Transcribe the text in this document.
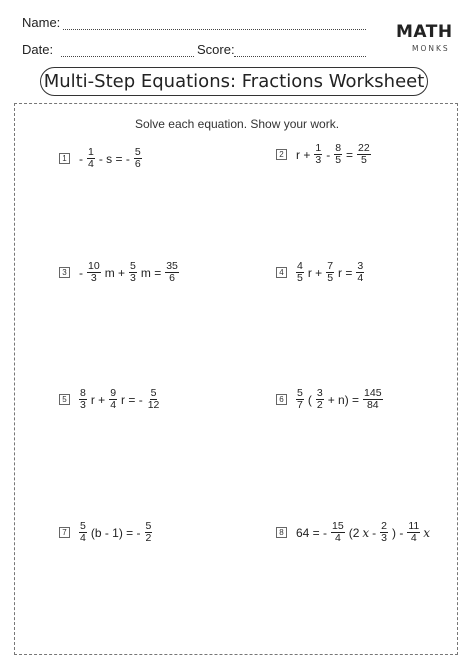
Name:
Date:	Score:
MATH
MONKS
Multi-Step Equations: Fractions Worksheet
Solve each equation. Show your work.
$1 - \frac{1}{4}$ - s = - $\frac{5}{6}$	2 $r + \frac{1}{3} - \frac{8}{5} = \frac{22}{5}$
$3 - \frac{10}{3}$ $m + \frac{5}{3}$ $m = \frac{35}{6}$	4	$\frac{4}{5}$ $r + \frac{7}{5}$ $r = \frac{3}{4}$
5	$\frac{8}{3}$ $r + \frac{9}{4}$ r = - $\frac{5}{12}$	6	$\frac{5}{7}$ ( $\frac{3}{2} + n) = \frac{145}{84}$
7	$\frac{5}{4} (b - 1)$ = - $\frac{5}{2}$	8 64 = - $\frac{15}{4} (2$ x - $\frac{2}{3}$ ) - $\frac{11}{4}$ x
